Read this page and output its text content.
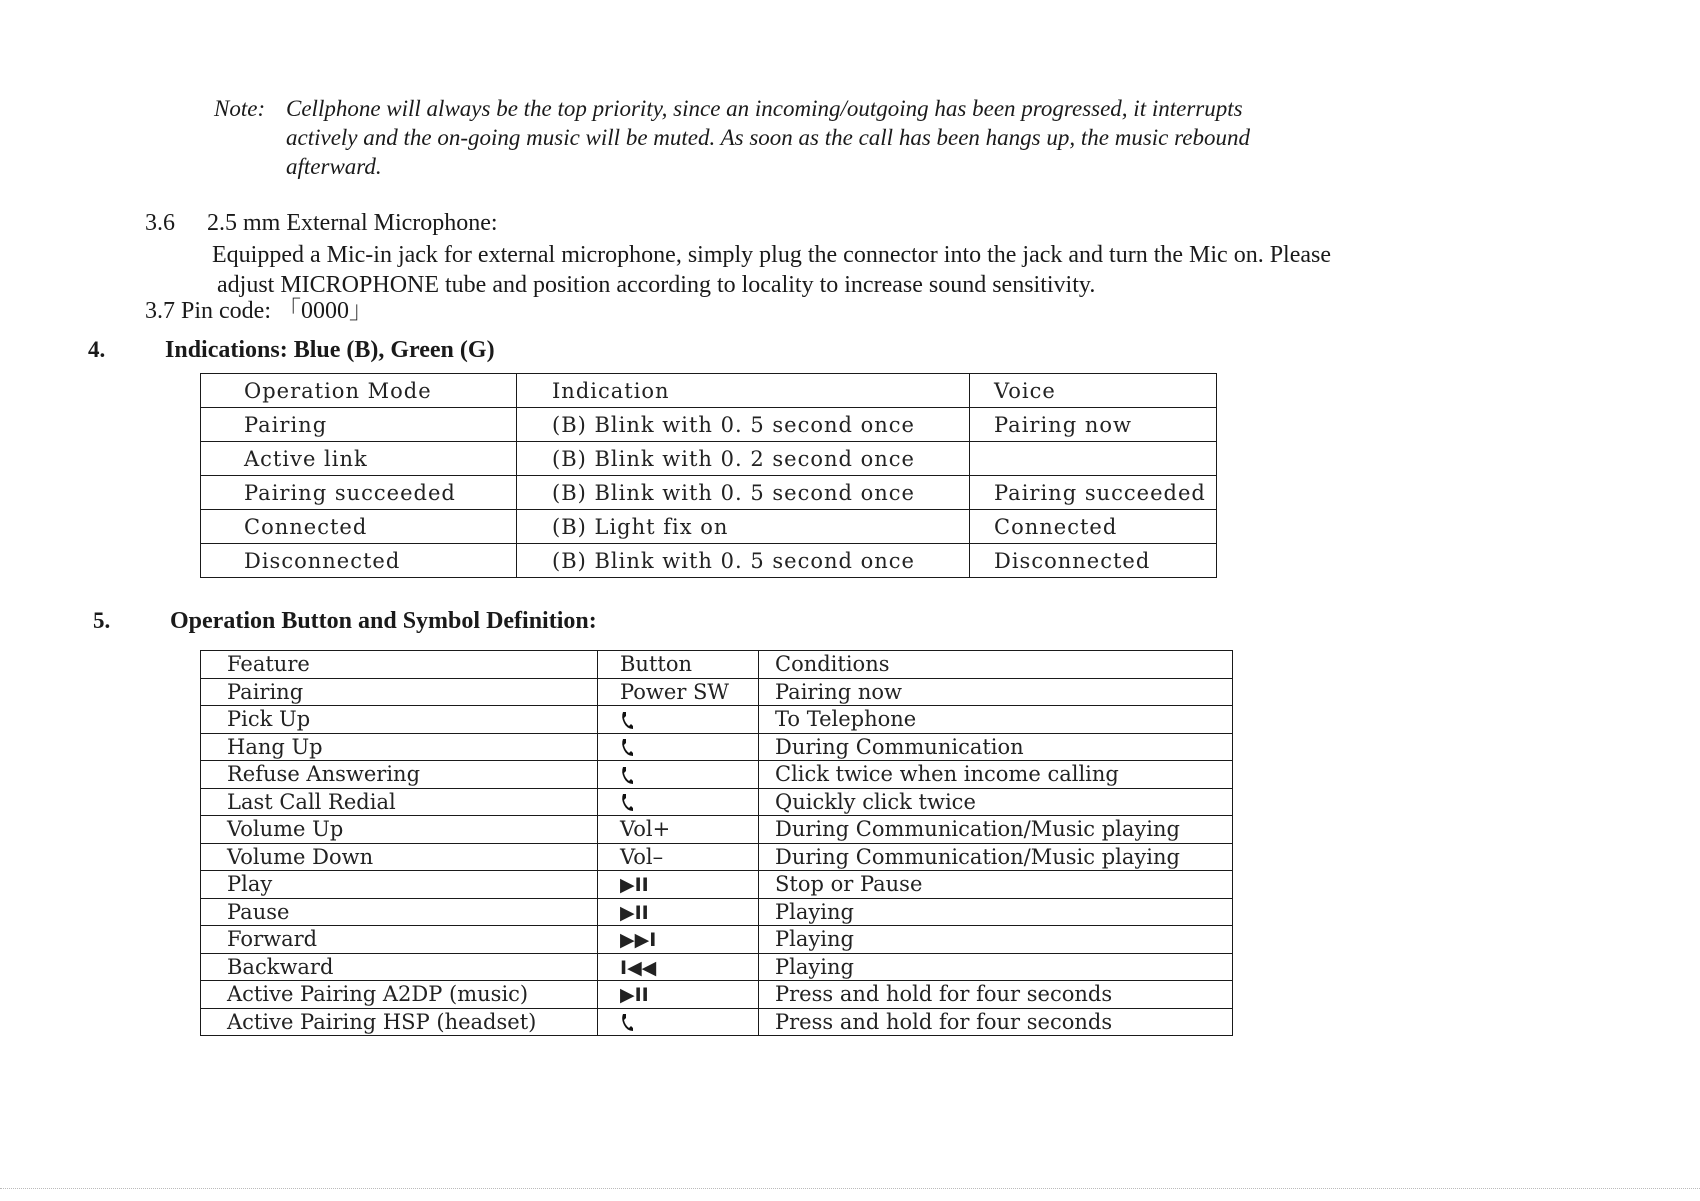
Note: Cellphone will always be the top priority, since an incoming/outgoing has been progressed, it interrupts
actively and the on-going music will be muted. As soon as the call has been hangs up, the music rebound
afterward.
3.6 2.5 mm External Microphone:
Equipped a Mic-in jack for external microphone, simply plug the connector into the jack and turn the Mic on. Please
adjust MICROPHONE tube and position according to locality to increase sound sensitivity.
3.7 Pin code: 「0000」
4. Indications: Blue (B), Green (G)
Operation Mode	Indication	Voice
Pairing	(B) Blink with 0. 5 second once	Pairing now
Active link	(B) Blink with 0. 2 second once	
Pairing succeeded	(B) Blink with 0. 5 second once	Pairing succeeded
Connected	(B) Light fix on	Connected
Disconnected	(B) Blink with 0. 5 second once	Disconnected
5. Operation Button and Symbol Definition:
Feature	Button	Conditions
Pairing	Power SW	Pairing now
Pick Up		To Telephone
Hang Up		During Communication
Refuse Answering		Click twice when income calling
Last Call Redial		Quickly click twice
Volume Up	Vol+	During Communication/Music playing
Volume Down	Vol–	During Communication/Music playing
Play	▶II	Stop or Pause
Pause	▶II	Playing
Forward	▶▶I	Playing
Backward	I◀◀	Playing
Active Pairing A2DP (music)	▶II	Press and hold for four seconds
Active Pairing HSP (headset)		Press and hold for four seconds
